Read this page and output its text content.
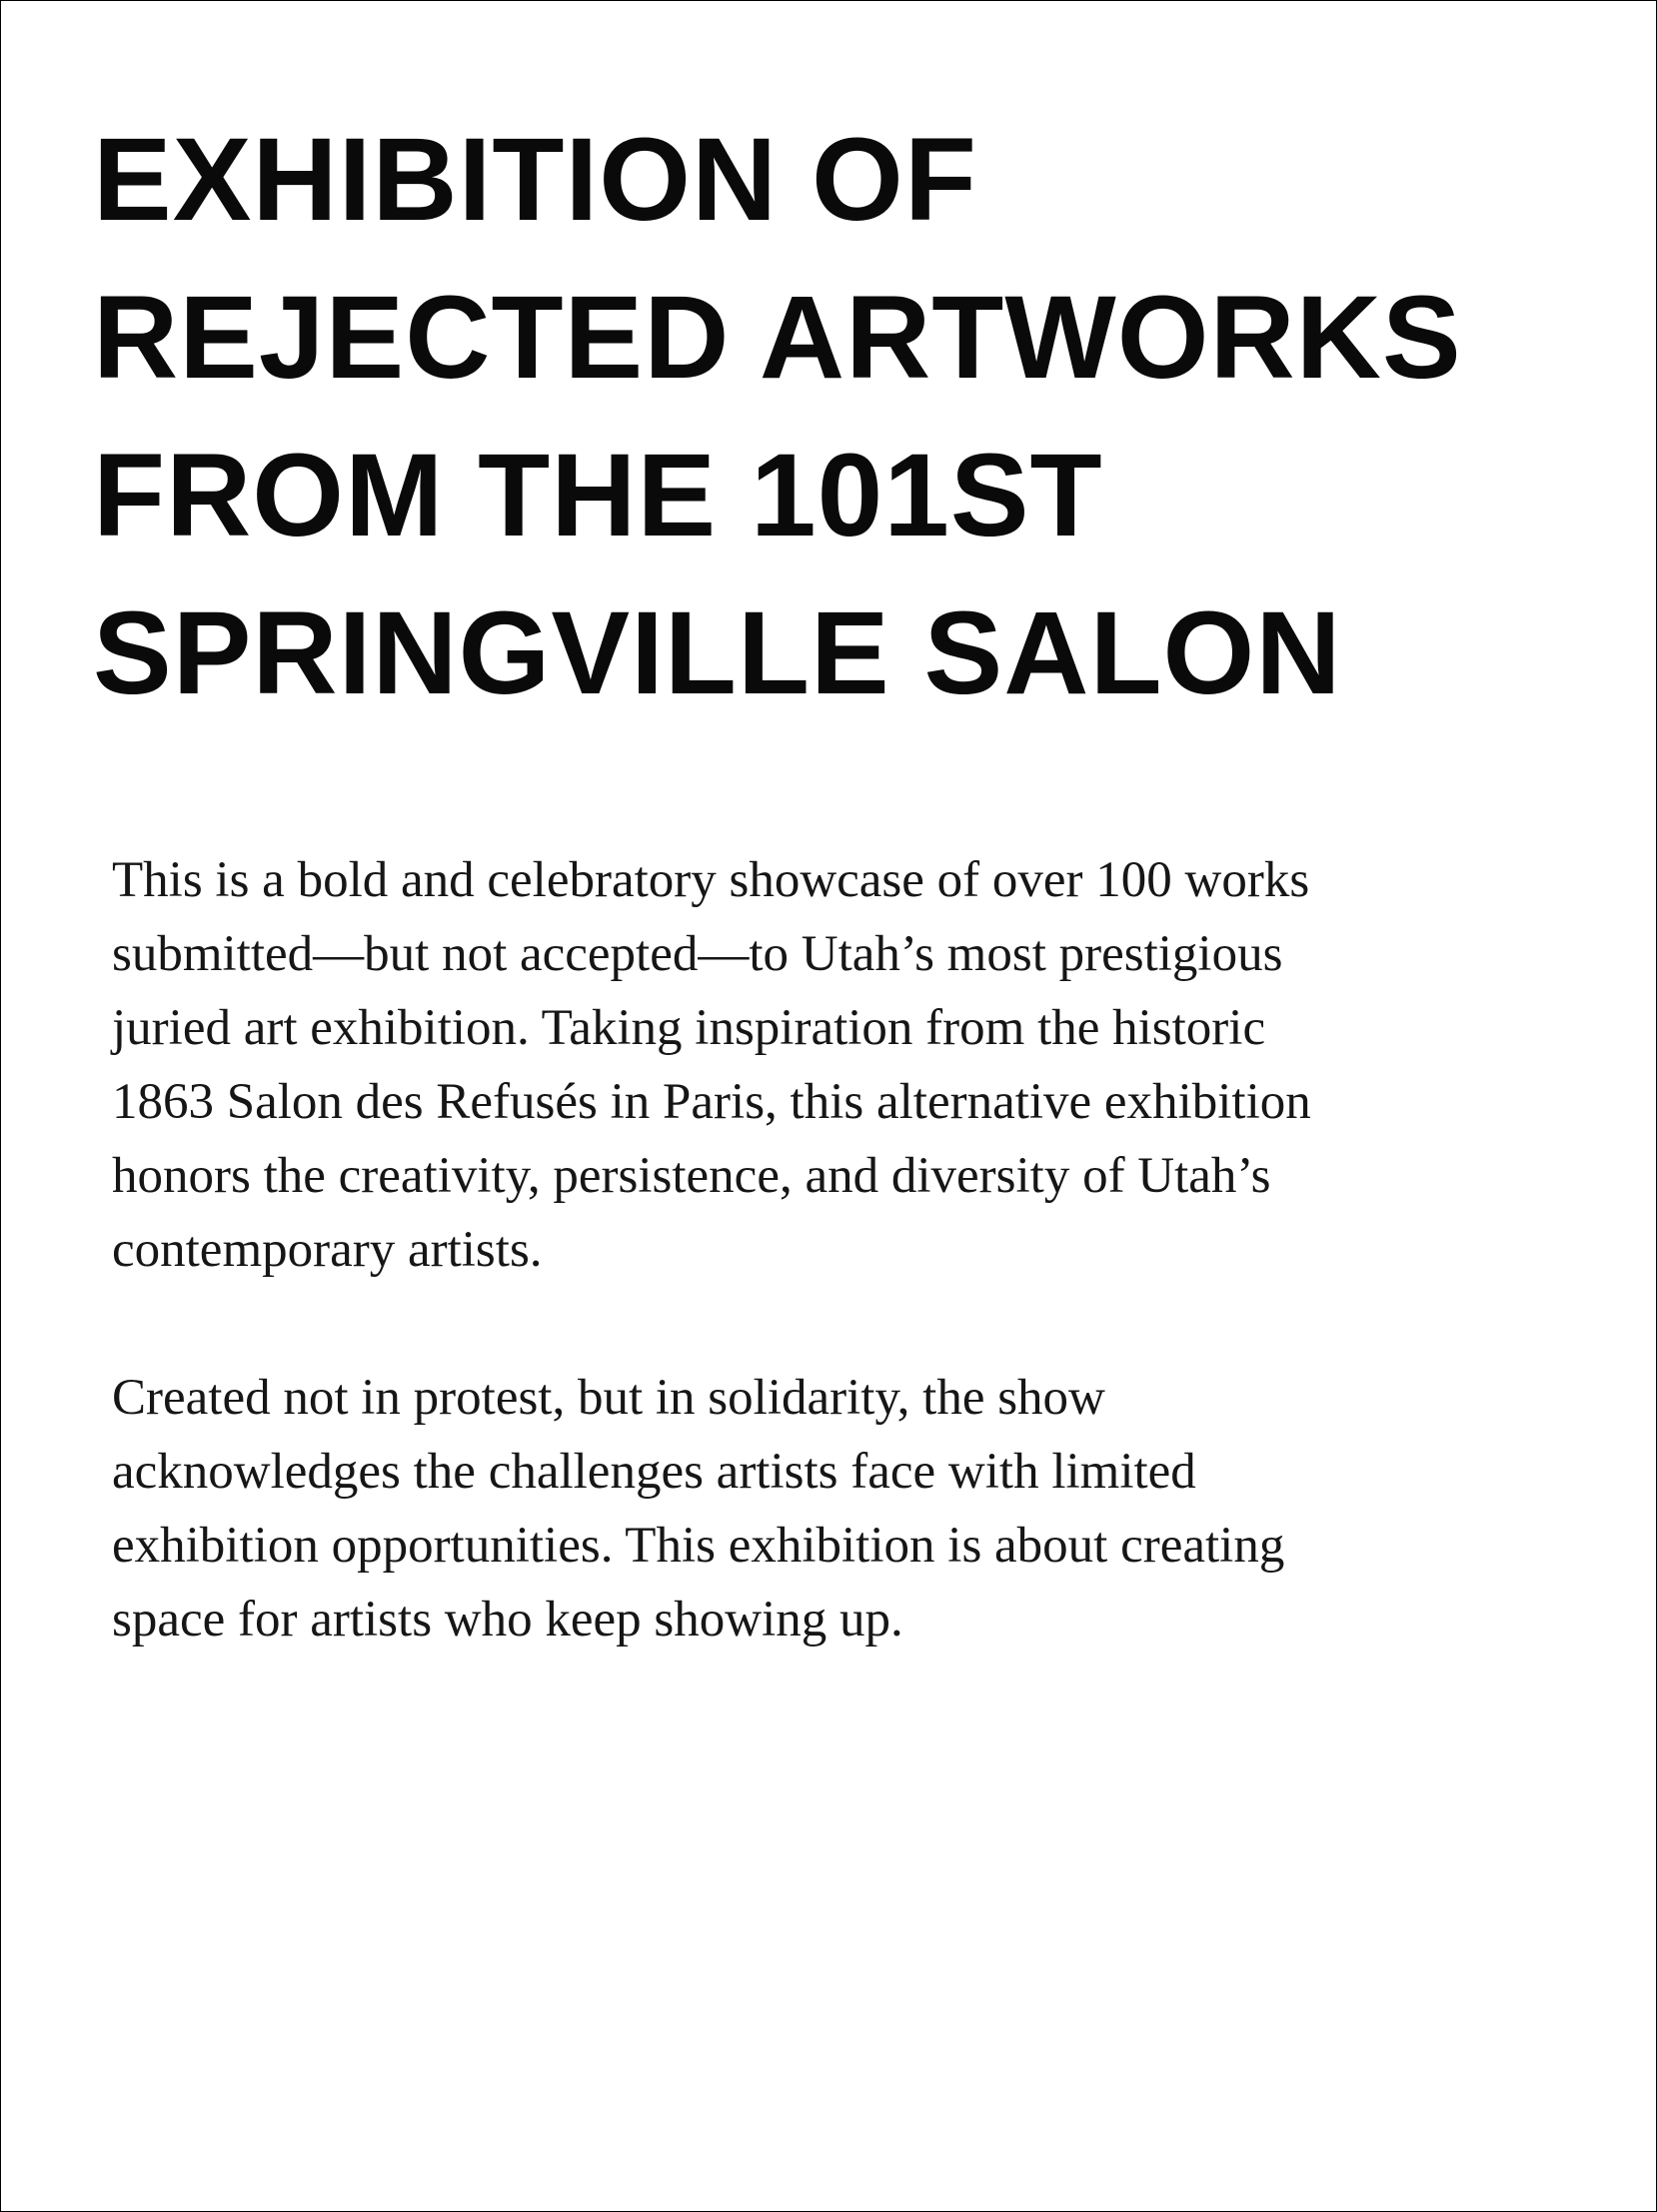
EXHIBITION OF
REJECTED ARTWORKS
FROM THE 101ST
SPRINGVILLE SALON

This is a bold and celebratory showcase of over 100 works
submitted—but not accepted—to Utah’s most prestigious
juried art exhibition. Taking inspiration from the historic
1863 Salon des Refusés in Paris, this alternative exhibition
honors the creativity, persistence, and diversity of Utah’s
contemporary artists.

Created not in protest, but in solidarity, the show
acknowledges the challenges artists face with limited
exhibition opportunities. This exhibition is about creating
space for artists who keep showing up.
